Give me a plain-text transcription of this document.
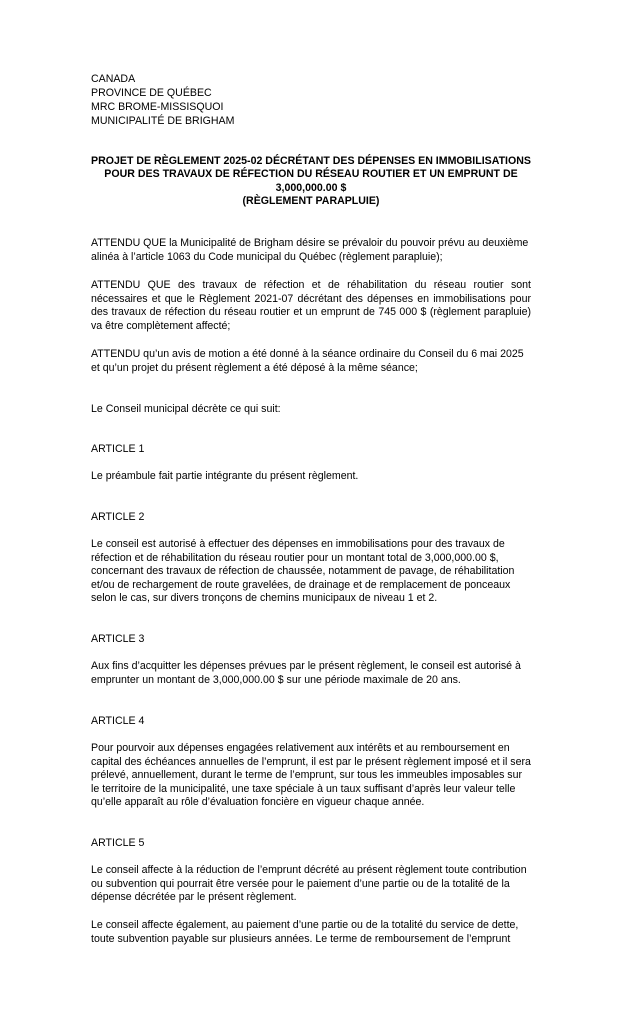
CANADA
PROVINCE DE QUÉBEC
MRC BROME-MISSISQUOI
MUNICIPALITÉ DE BRIGHAM
PROJET DE RÈGLEMENT 2025-02 DÉCRÉTANT DES DÉPENSES EN IMMOBILISATIONS
POUR DES TRAVAUX DE RÉFECTION DU RÉSEAU ROUTIER ET UN EMPRUNT DE
3,000,000.00 $
(RÈGLEMENT PARAPLUIE)
ATTENDU QUE la Municipalité de Brigham désire se prévaloir du pouvoir prévu au deuxième alinéa à l’article 1063 du Code municipal du Québec (règlement parapluie);
ATTENDU QUE des travaux de réfection et de réhabilitation du réseau routier sont nécessaires et que le Règlement 2021-07 décrétant des dépenses en immobilisations pour des travaux de réfection du réseau routier et un emprunt de 745 000 $ (règlement parapluie) va être complètement affecté;
ATTENDU qu’un avis de motion a été donné à la séance ordinaire du Conseil du 6 mai 2025 et qu’un projet du présent règlement a été déposé à la même séance;
Le Conseil municipal décrète ce qui suit:
ARTICLE 1
Le préambule fait partie intégrante du présent règlement.
ARTICLE 2
Le conseil est autorisé à effectuer des dépenses en immobilisations pour des travaux de réfection et de réhabilitation du réseau routier pour un montant total de 3,000,000.00 $, concernant des travaux de réfection de chaussée, notamment de pavage, de réhabilitation et/ou de rechargement de route gravelées, de drainage et de remplacement de ponceaux selon le cas, sur divers tronçons de chemins municipaux de niveau 1 et 2.
ARTICLE 3
Aux fins d’acquitter les dépenses prévues par le présent règlement, le conseil est autorisé à emprunter un montant de 3,000,000.00 $ sur une période maximale de 20 ans.
ARTICLE 4
Pour pourvoir aux dépenses engagées relativement aux intérêts et au remboursement en capital des échéances annuelles de l’emprunt, il est par le présent règlement imposé et il sera prélevé, annuellement, durant le terme de l’emprunt, sur tous les immeubles imposables sur le territoire de la municipalité, une taxe spéciale à un taux suffisant d’après leur valeur telle qu’elle apparaît au rôle d’évaluation foncière en vigueur chaque année.
ARTICLE 5
Le conseil affecte à la réduction de l’emprunt décrété au présent règlement toute contribution ou subvention qui pourrait être versée pour le paiement d’une partie ou de la totalité de la dépense décrétée par le présent règlement.
Le conseil affecte également, au paiement d’une partie ou de la totalité du service de dette, toute subvention payable sur plusieurs années. Le terme de remboursement de l’emprunt
